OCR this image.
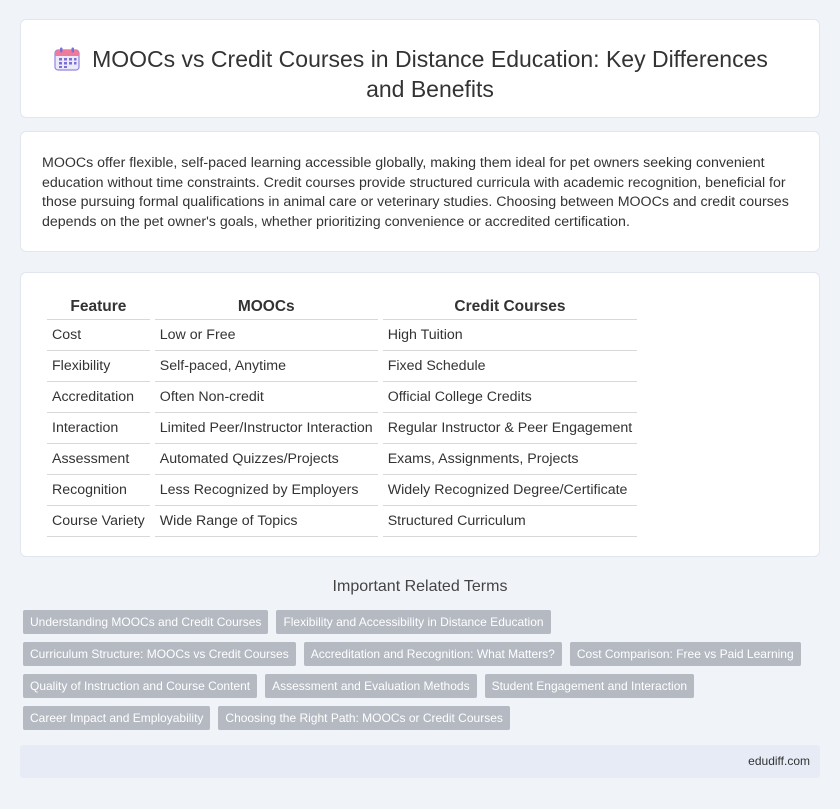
MOOCs vs Credit Courses in Distance Education: Key Differences and Benefits

MOOCs offer flexible, self-paced learning accessible globally, making them ideal for pet owners seeking convenient education without time constraints. Credit courses provide structured curricula with academic recognition, beneficial for those pursuing formal qualifications in animal care or veterinary studies. Choosing between MOOCs and credit courses depends on the pet owner's goals, whether prioritizing convenience or accredited certification.

Feature	MOOCs	Credit Courses
Cost	Low or Free	High Tuition
Flexibility	Self-paced, Anytime	Fixed Schedule
Accreditation	Often Non-credit	Official College Credits
Interaction	Limited Peer/Instructor Interaction	Regular Instructor & Peer Engagement
Assessment	Automated Quizzes/Projects	Exams, Assignments, Projects
Recognition	Less Recognized by Employers	Widely Recognized Degree/Certificate
Course Variety	Wide Range of Topics	Structured Curriculum
Important Related Terms
Understanding MOOCs and Credit Courses	Flexibility and Accessibility in Distance Education
Curriculum Structure: MOOCs vs Credit Courses	Accreditation and Recognition: What Matters?	Cost Comparison: Free vs Paid Learning
Quality of Instruction and Course Content	Assessment and Evaluation Methods	Student Engagement and Interaction
Career Impact and Employability	Choosing the Right Path: MOOCs or Credit Courses
edudiff.com
